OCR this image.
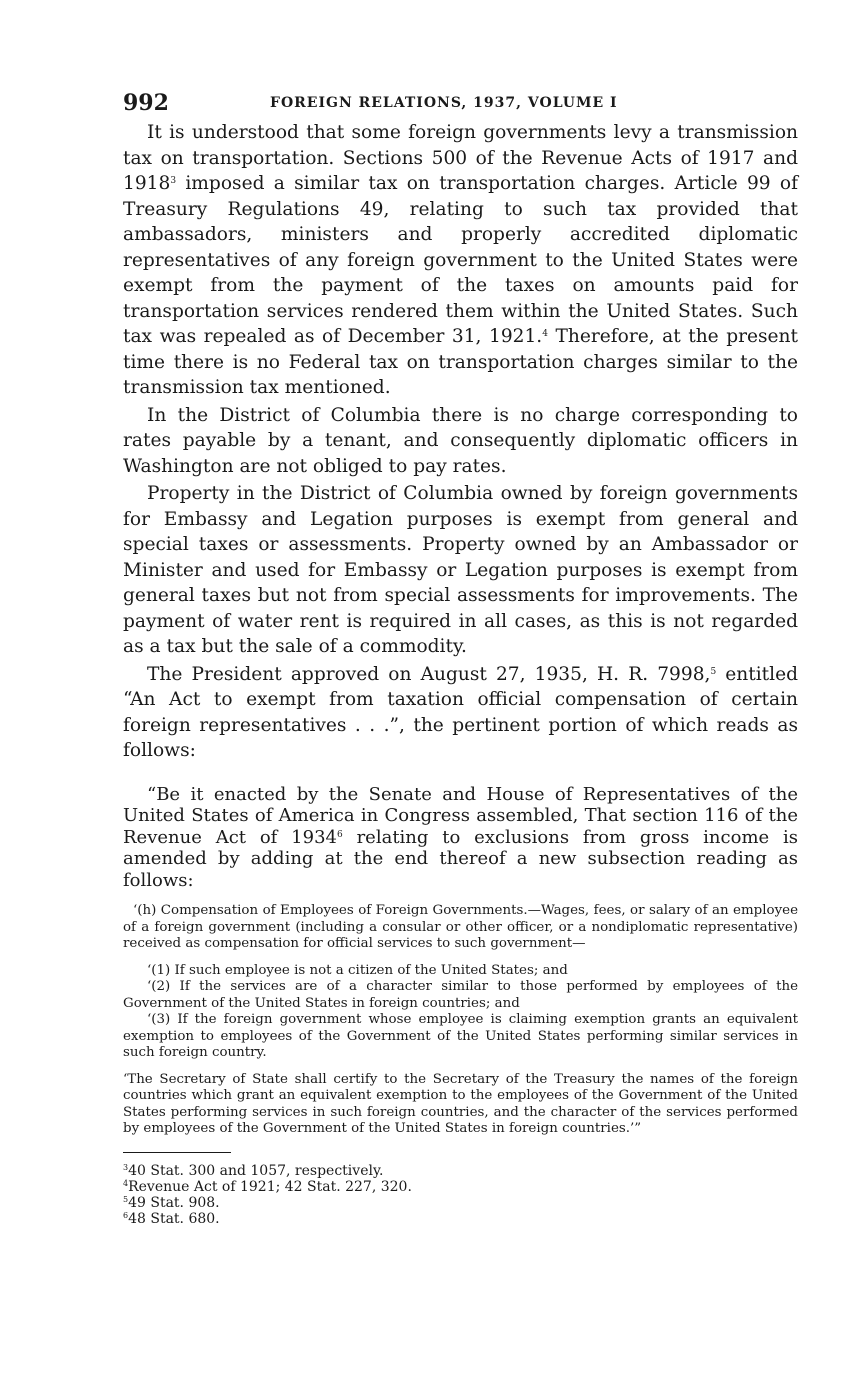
992	FOREIGN RELATIONS, 1937, VOLUME I

It is understood that some foreign governments levy a transmission tax on transportation. Sections 500 of the Revenue Acts of 1917 and 1918$^3$ imposed a similar tax on transportation charges. Article 99 of Treasury Regulations 49, relating to such tax provided that ambassadors, ministers and properly accredited diplomatic representatives of any foreign government to the United States were exempt from the payment of the taxes on amounts paid for transportation services rendered them within the United States. Such tax was repealed as of December 31, 1921.$^4$ Therefore, at the present time there is no Federal tax on transportation charges similar to the transmission tax mentioned.

In the District of Columbia there is no charge corresponding to rates payable by a tenant, and consequently diplomatic officers in Washington are not obliged to pay rates.

Property in the District of Columbia owned by foreign governments for Embassy and Legation purposes is exempt from general and special taxes or assessments. Property owned by an Ambassador or Minister and used for Embassy or Legation purposes is exempt from general taxes but not from special assessments for improvements. The payment of water rent is required in all cases, as this is not regarded as a tax but the sale of a commodity.

The President approved on August 27, 1935, H. R. 7998,$^5$ entitled “An Act to exempt from taxation official compensation of certain foreign representatives . . .”, the pertinent portion of which reads as follows:

“Be it enacted by the Senate and House of Representatives of the United States of America in Congress assembled, That section 116 of the Revenue Act of 1934$^6$ relating to exclusions from gross income is amended by adding at the end thereof a new subsection reading as follows:

‘(h) Compensation of Employees of Foreign Governments.—Wages, fees, or salary of an employee of a foreign government (including a consular or other officer, or a nondiplomatic representative) received as compensation for official services to such government—

‘(1) If such employee is not a citizen of the United States; and

‘(2) If the services are of a character similar to those performed by employees of the Government of the United States in foreign countries; and

‘(3) If the foreign government whose employee is claiming exemption grants an equivalent exemption to employees of the Government of the United States performing similar services in such foreign country.

‘The Secretary of State shall certify to the Secretary of the Treasury the names of the foreign countries which grant an equivalent exemption to the employees of the Government of the United States performing services in such foreign countries, and the character of the services performed by employees of the Government of the United States in foreign countries.’”

$^3$40 Stat. 300 and 1057, respectively.

$^4$Revenue Act of 1921; 42 Stat. 227, 320.

$^5$49 Stat. 908.

$^6$48 Stat. 680.
